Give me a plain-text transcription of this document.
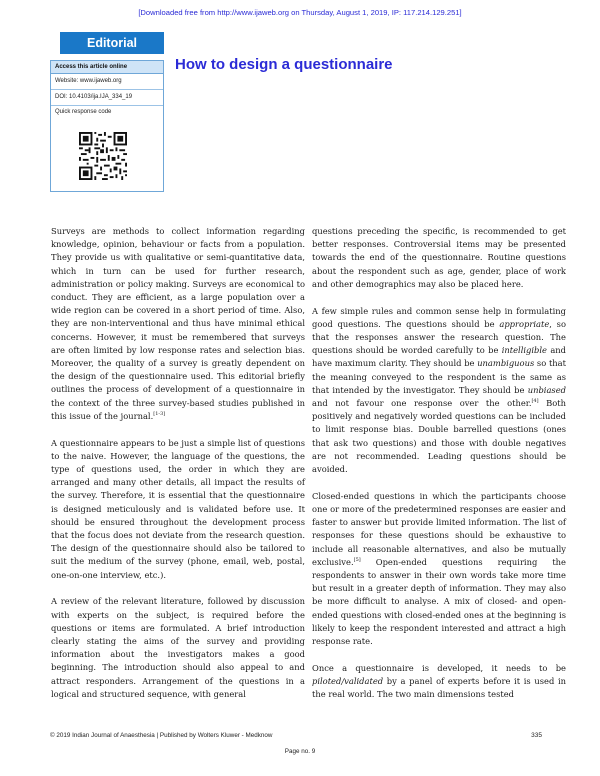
[Downloaded free from http://www.ijaweb.org on Thursday, August 1, 2019, IP: 117.214.129.251]
Editorial
Access this article online
Website: www.ijaweb.org
DOI: 10.4103/ija.IJA_334_19
Quick response code
How to design a questionnaire

Surveys are methods to collect information regarding knowledge, opinion, behaviour or facts from a population. They provide us with qualitative or semi-quantitative data, which in turn can be used for further research, administration or policy making. Surveys are economical to conduct. They are efficient, as a large population over a wide region can be covered in a short period of time. Also, they are non-interventional and thus have minimal ethical concerns. However, it must be remembered that surveys are often limited by low response rates and selection bias. Moreover, the quality of a survey is greatly dependent on the design of the questionnaire used. This editorial briefly outlines the process of development of a questionnaire in the context of the three survey-based studies published in this issue of the journal.[1-3]

A questionnaire appears to be just a simple list of questions to the naive. However, the language of the questions, the type of questions used, the order in which they are arranged and many other details, all impact the results of the survey. Therefore, it is essential that the questionnaire is designed meticulously and is validated before use. It should be ensured throughout the development process that the focus does not deviate from the research question. The design of the questionnaire should also be tailored to suit the medium of the survey (phone, email, web, postal, one-on-one interview, etc.).

A review of the relevant literature, followed by discussion with experts on the subject, is required before the questions or items are formulated. A brief introduction clearly stating the aims of the survey and providing information about the investigators makes a good beginning. The introduction should also appeal to and attract responders. Arrangement of the questions in a logical and structured sequence, with general

questions preceding the specific, is recommended to get better responses. Controversial items may be presented towards the end of the questionnaire. Routine questions about the respondent such as age, gender, place of work and other demographics may also be placed here.

A few simple rules and common sense help in formulating good questions. The questions should be appropriate, so that the responses answer the research question. The questions should be worded carefully to be intelligible and have maximum clarity. They should be unambiguous so that the meaning conveyed to the respondent is the same as that intended by the investigator. They should be unbiased and not favour one response over the other.[4] Both positively and negatively worded questions can be included to limit response bias. Double barrelled questions (ones that ask two questions) and those with double negatives are not recommended. Leading questions should be avoided.

Closed-ended questions in which the participants choose one or more of the predetermined responses are easier and faster to answer but provide limited information. The list of responses for these questions should be exhaustive to include all reasonable alternatives, and also be mutually exclusive.[5] Open-ended questions requiring the respondents to answer in their own words take more time but result in a greater depth of information. They may also be more difficult to analyse. A mix of closed- and open-ended questions with closed-ended ones at the beginning is likely to keep the respondent interested and attract a high response rate.

Once a questionnaire is developed, it needs to be piloted/validated by a panel of experts before it is used in the real world. The two main dimensions tested

© 2019 Indian Journal of Anaesthesia | Published by Wolters Kluwer - Medknow	335
Page no. 9
